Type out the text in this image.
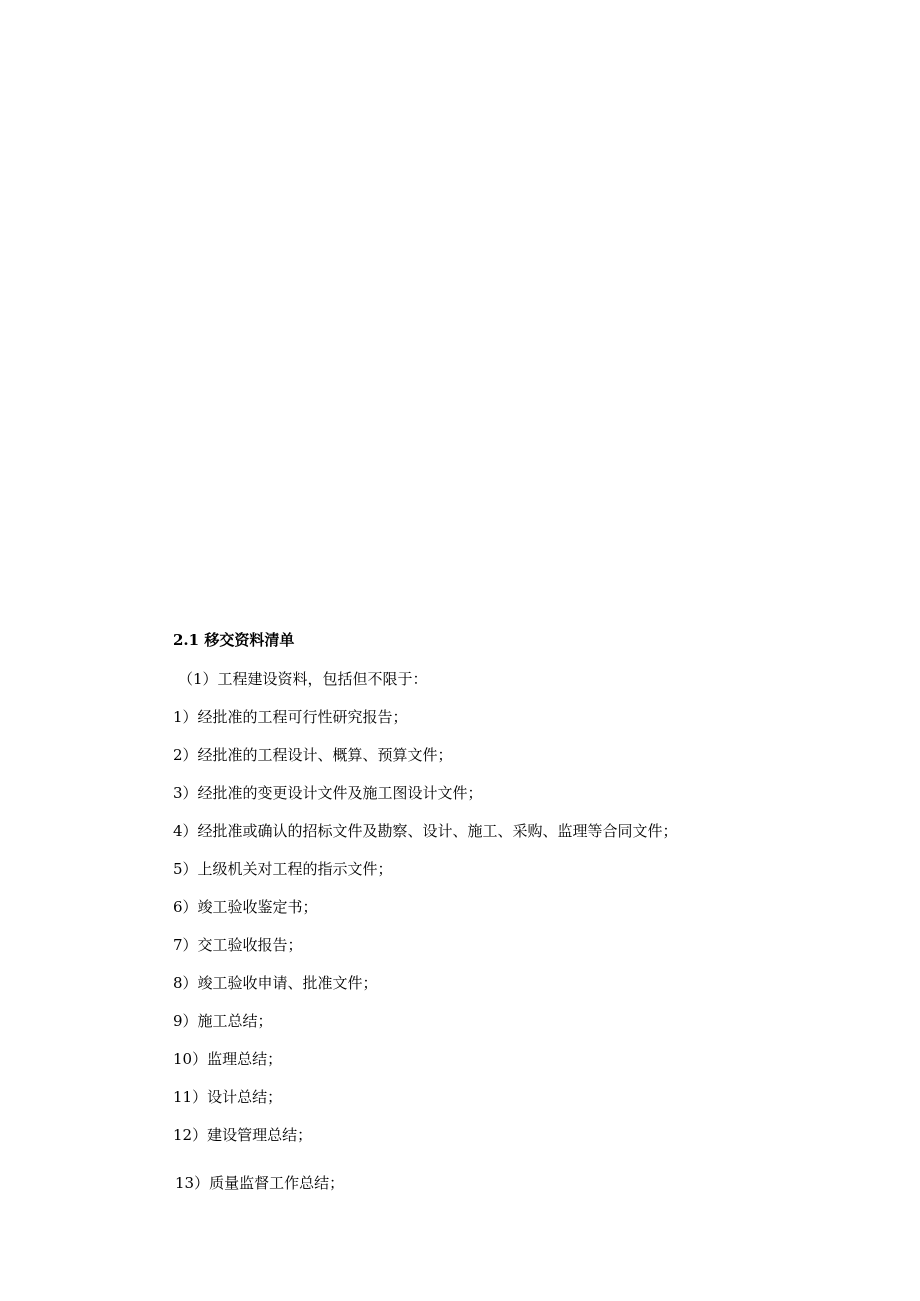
2.1 移交资料清单
（1）工程建设资料，包括但不限于：
1）经批准的工程可行性研究报告；
2）经批准的工程设计、概算、预算文件；
3）经批准的变更设计文件及施工图设计文件；
4）经批准或确认的招标文件及勘察、设计、施工、采购、监理等合同文件；
5）上级机关对工程的指示文件；
6）竣工验收鉴定书；
7）交工验收报告；
8）竣工验收申请、批准文件；
9）施工总结；
10）监理总结；
11）设计总结；
12）建设管理总结；
13）质量监督工作总结；
